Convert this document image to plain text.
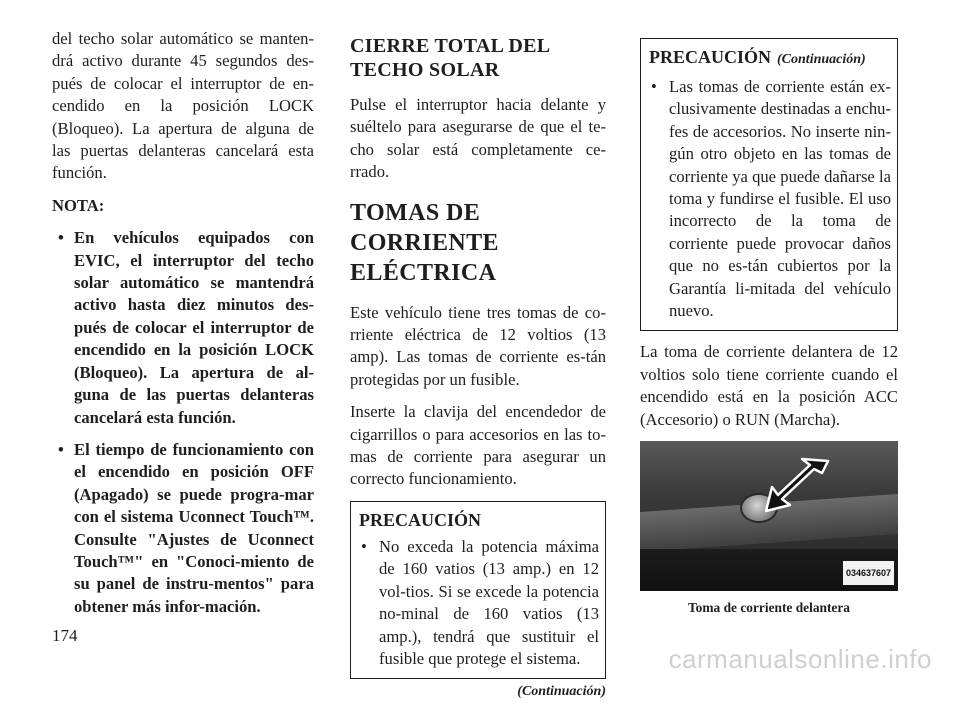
del techo solar automático se manten-drá activo durante 45 segundos des-pués de colocar el interruptor de en-cendido en la posición LOCK (Bloqueo). La apertura de alguna de las puertas delanteras cancelará esta función.

NOTA:
• En vehículos equipados con EVIC, el interruptor del techo solar automático se mantendrá activo hasta diez minutos des-pués de colocar el interruptor de encendido en la posición LOCK (Bloqueo). La apertura de al-guna de las puertas delanteras cancelará esta función.
• El tiempo de funcionamiento con el encendido en posición OFF (Apagado) se puede progra-mar con el sistema Uconnect Touch™. Consulte "Ajustes de Uconnect Touch™" en "Conoci-miento de su panel de instru-mentos" para obtener más infor-mación.
CIERRE TOTAL DEL TECHO SOLAR

Pulse el interruptor hacia delante y suéltelo para asegurarse de que el te-cho solar está completamente ce-rrado.

TOMAS DE CORRIENTE ELÉCTRICA

Este vehículo tiene tres tomas de co-rriente eléctrica de 12 voltios (13 amp). Las tomas de corriente es-tán protegidas por un fusible.

Inserte la clavija del encendedor de cigarrillos o para accesorios en las to-mas de corriente para asegurar un correcto funcionamiento.

PRECAUCIÓN
• No exceda la potencia máxima de 160 vatios (13 amp.) en 12 vol-tios. Si se excede la potencia no-minal de 160 vatios (13 amp.), tendrá que sustituir el fusible que protege el sistema.
(Continuación)
PRECAUCIÓN (Continuación)
• Las tomas de corriente están ex-clusivamente destinadas a enchu-fes de accesorios. No inserte nin-gún otro objeto en las tomas de corriente ya que puede dañarse la toma y fundirse el fusible. El uso incorrecto de la toma de corriente puede provocar daños que no es-tán cubiertos por la Garantía li-mitada del vehículo nuevo.

La toma de corriente delantera de 12 voltios solo tiene corriente cuando el encendido está en la posición ACC (Accesorio) o RUN (Marcha).

034637607
Toma de corriente delantera
174
carmanualsonline.info
